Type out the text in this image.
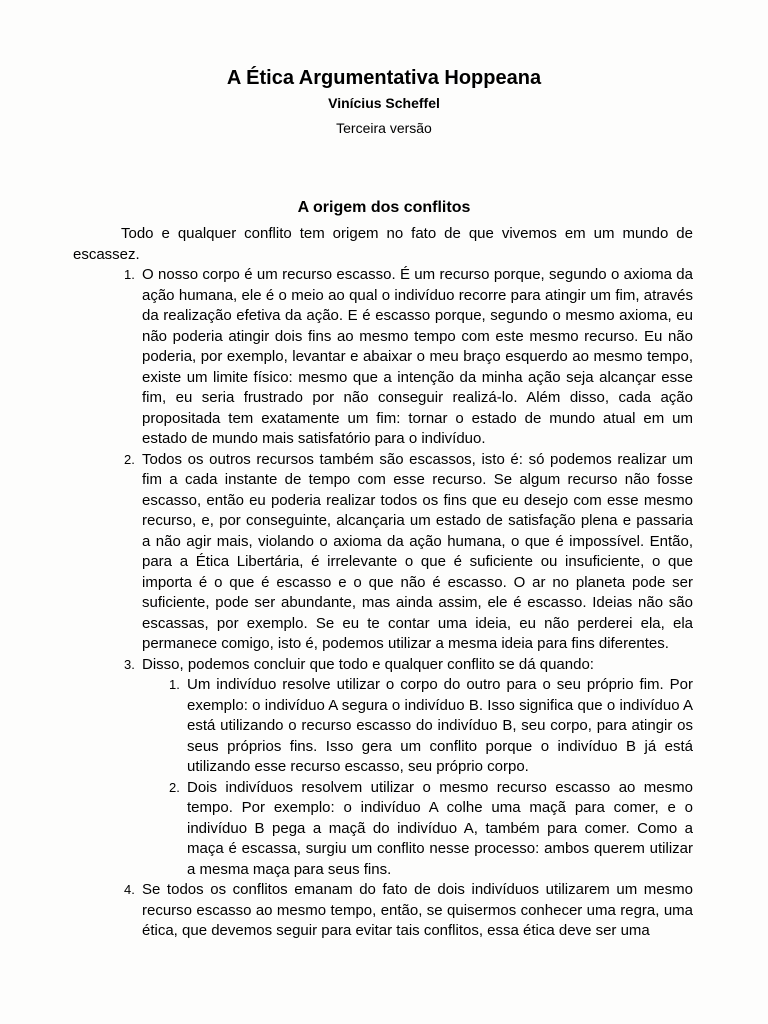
A Ética Argumentativa Hoppeana
Vinícius Scheffel
Terceira versão
A origem dos conflitos

Todo e qualquer conflito tem origem no fato de que vivemos em um mundo de escassez.

1. O nosso corpo é um recurso escasso. É um recurso porque, segundo o axioma da ação humana, ele é o meio ao qual o indivíduo recorre para atingir um fim, através da realização efetiva da ação. E é escasso porque, segundo o mesmo axioma, eu não poderia atingir dois fins ao mesmo tempo com este mesmo recurso. Eu não poderia, por exemplo, levantar e abaixar o meu braço esquerdo ao mesmo tempo, existe um limite físico: mesmo que a intenção da minha ação seja alcançar esse fim, eu seria frustrado por não conseguir realizá-lo. Além disso, cada ação propositada tem exatamente um fim: tornar o estado de mundo atual em um estado de mundo mais satisfatório para o indivíduo.
2. Todos os outros recursos também são escassos, isto é: só podemos realizar um fim a cada instante de tempo com esse recurso. Se algum recurso não fosse escasso, então eu poderia realizar todos os fins que eu desejo com esse mesmo recurso, e, por conseguinte, alcançaria um estado de satisfação plena e passaria a não agir mais, violando o axioma da ação humana, o que é impossível. Então, para a Ética Libertária, é irrelevante o que é suficiente ou insuficiente, o que importa é o que é escasso e o que não é escasso. O ar no planeta pode ser suficiente, pode ser abundante, mas ainda assim, ele é escasso. Ideias não são escassas, por exemplo. Se eu te contar uma ideia, eu não perderei ela, ela permanece comigo, isto é, podemos utilizar a mesma ideia para fins diferentes.
3. Disso, podemos concluir que todo e qualquer conflito se dá quando:
1. Um indivíduo resolve utilizar o corpo do outro para o seu próprio fim. Por exemplo: o indivíduo A segura o indivíduo B. Isso significa que o indivíduo A está utilizando o recurso escasso do indivíduo B, seu corpo, para atingir os seus próprios fins. Isso gera um conflito porque o indivíduo B já está utilizando esse recurso escasso, seu próprio corpo.
2. Dois indivíduos resolvem utilizar o mesmo recurso escasso ao mesmo tempo. Por exemplo: o indivíduo A colhe uma maçã para comer, e o indivíduo B pega a maçã do indivíduo A, também para comer. Como a maça é escassa, surgiu um conflito nesse processo: ambos querem utilizar a mesma maça para seus fins.
4. Se todos os conflitos emanam do fato de dois indivíduos utilizarem um mesmo recurso escasso ao mesmo tempo, então, se quisermos conhecer uma regra, uma ética, que devemos seguir para evitar tais conflitos, essa ética deve ser uma
